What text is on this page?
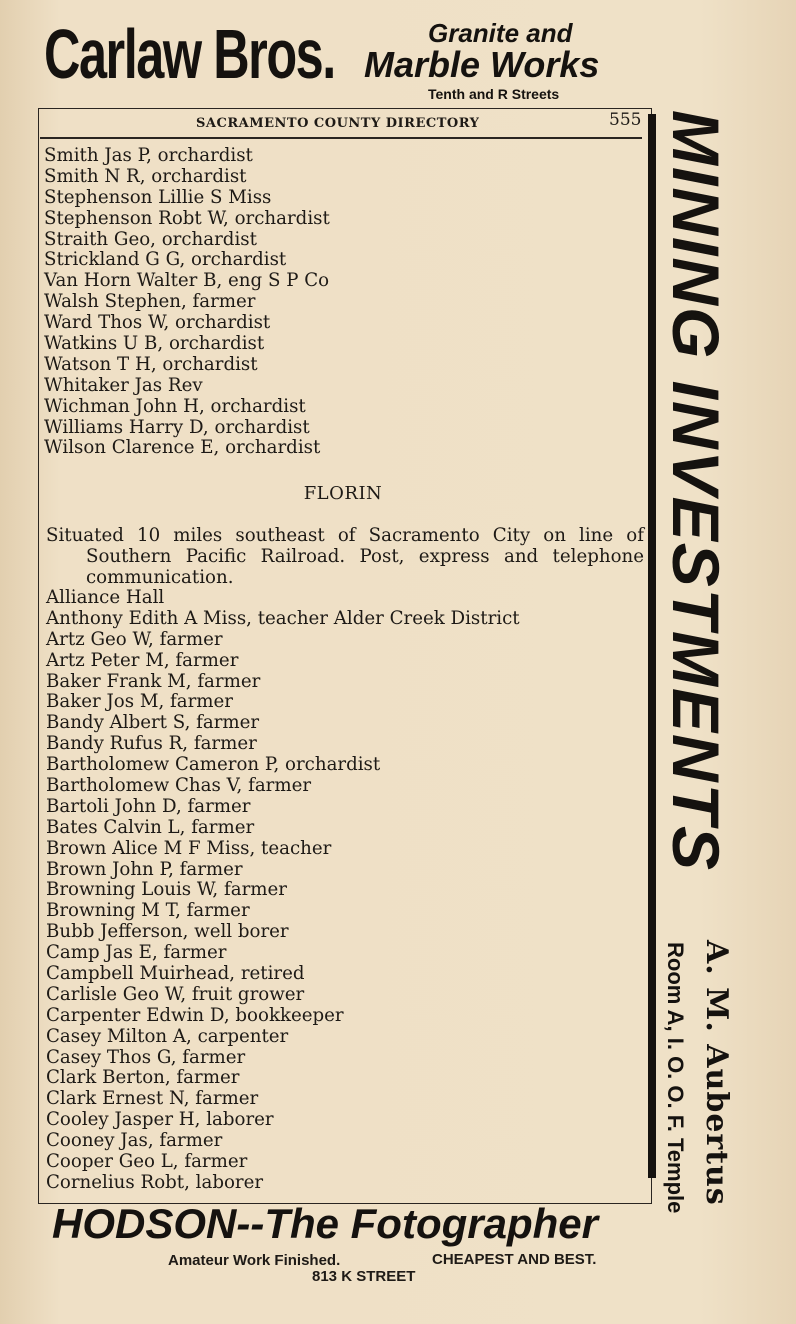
Carlaw Bros.	Granite and
Marble Works
Tenth and R Streets
SACRAMENTO COUNTY DIRECTORY	555
Smith Jas P, orchardist
Smith N R, orchardist
Stephenson Lillie S Miss
Stephenson Robt W, orchardist
Straith Geo, orchardist
Strickland G G, orchardist
Van Horn Walter B, eng S P Co
Walsh Stephen, farmer
Ward Thos W, orchardist
Watkins U B, orchardist
Watson T H, orchardist
Whitaker Jas Rev
Wichman John H, orchardist
Williams Harry D, orchardist
Wilson Clarence E, orchardist
FLORIN
Situated 10 miles southeast of Sacramento City on line of
Southern Pacific Railroad. Post, express and telephone
communication.
Alliance Hall
Anthony Edith A Miss, teacher Alder Creek District
Artz Geo W, farmer
Artz Peter M, farmer
Baker Frank M, farmer
Baker Jos M, farmer
Bandy Albert S, farmer
Bandy Rufus R, farmer
Bartholomew Cameron P, orchardist
Bartholomew Chas V, farmer
Bartoli John D, farmer
Bates Calvin L, farmer
Brown Alice M F Miss, teacher
Brown John P, farmer
Browning Louis W, farmer
Browning M T, farmer
Bubb Jefferson, well borer
Camp Jas E, farmer
Campbell Muirhead, retired
Carlisle Geo W, fruit grower
Carpenter Edwin D, bookkeeper
Casey Milton A, carpenter
Casey Thos G, farmer
Clark Berton, farmer
Clark Ernest N, farmer
Cooley Jasper H, laborer
Cooney Jas, farmer
Cooper Geo L, farmer
Cornelius Robt, laborer
MINING INVESTMENTS
A. M. Aubertus
Room A, I. O. O. F. Temple
HODSON--The Fotographer
Amateur Work Finished.	CHEAPEST AND BEST.
813 K STREET
